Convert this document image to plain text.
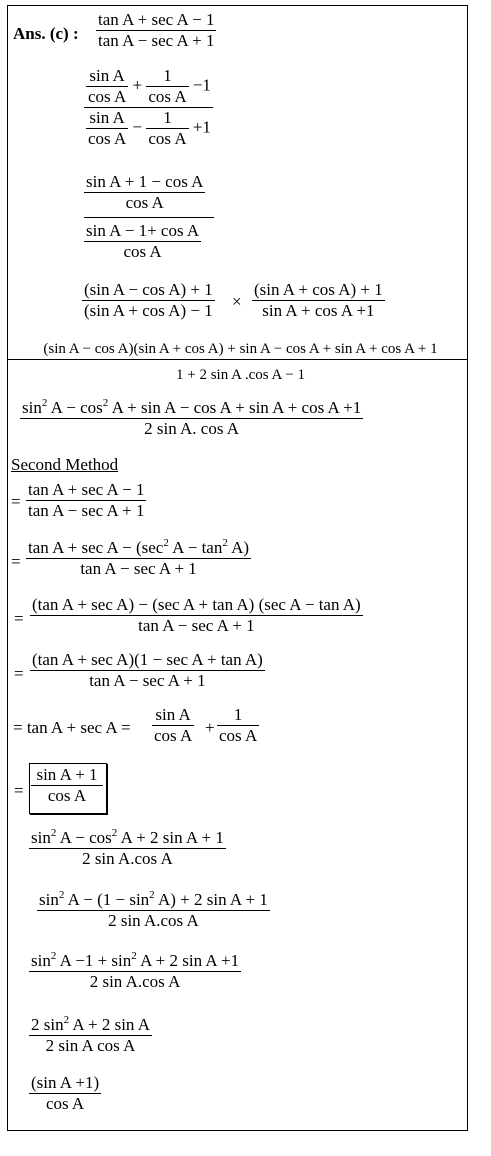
Ans. (c) :
tan A + sec A − 1
tan A − sec A + 1
$\frac{\text{sin A}}{\text{cos A}} + \frac{1}{\text{cos A}} -1$
$\frac{\text{sin A}}{\text{cos A}} - \frac{1}{\text{cos A}} +1$
sin A + 1 − cos A
cos A
sin A − 1+ cos A
cos A
(sin A − cos A) + 1
(sin A + cos A) − 1 ×
(sin A + cos A) + 1
sin A + cos A +1
(sin A − cos A)(sin A + cos A) + sin A − cos A + sin A + cos A + 1
1 + 2 sin A .cos A − 1
$\sin^2 A - \cos^2 A + \sin A - \cos A + \sin A + \cos A +1$
2 sin A. cos A
Second Method
=
tan A + sec A − 1
tan A − sec A + 1
=
$\tan A + \sec A - (\sec^2$ $A - \tan^2 A$)
tan A − sec A + 1
=
(tan A + sec A) − (sec A + tan A) (sec A − tan A)
tan A − sec A + 1
=
(tan A + sec A)(1 − sec A + tan A)
tan A − sec A + 1
= tan A + sec A =
sin A
cos A +
1
cos A
=
sin A + 1
cos A
$\sin^2 A - \cos^2 A + 2$ sin A + 1
2 sin A.cos A
$\sin^2 A - (1 - \sin^2 A) + 2$ sin A + 1
2 sin A.cos A
$\sin^2 A -1 + \sin^2 A + 2$ sin A +1
2 sin A.cos A
2 $\sin^2 A + 2$ sin A
2 sin A cos A
(sin A +1)
cos A
